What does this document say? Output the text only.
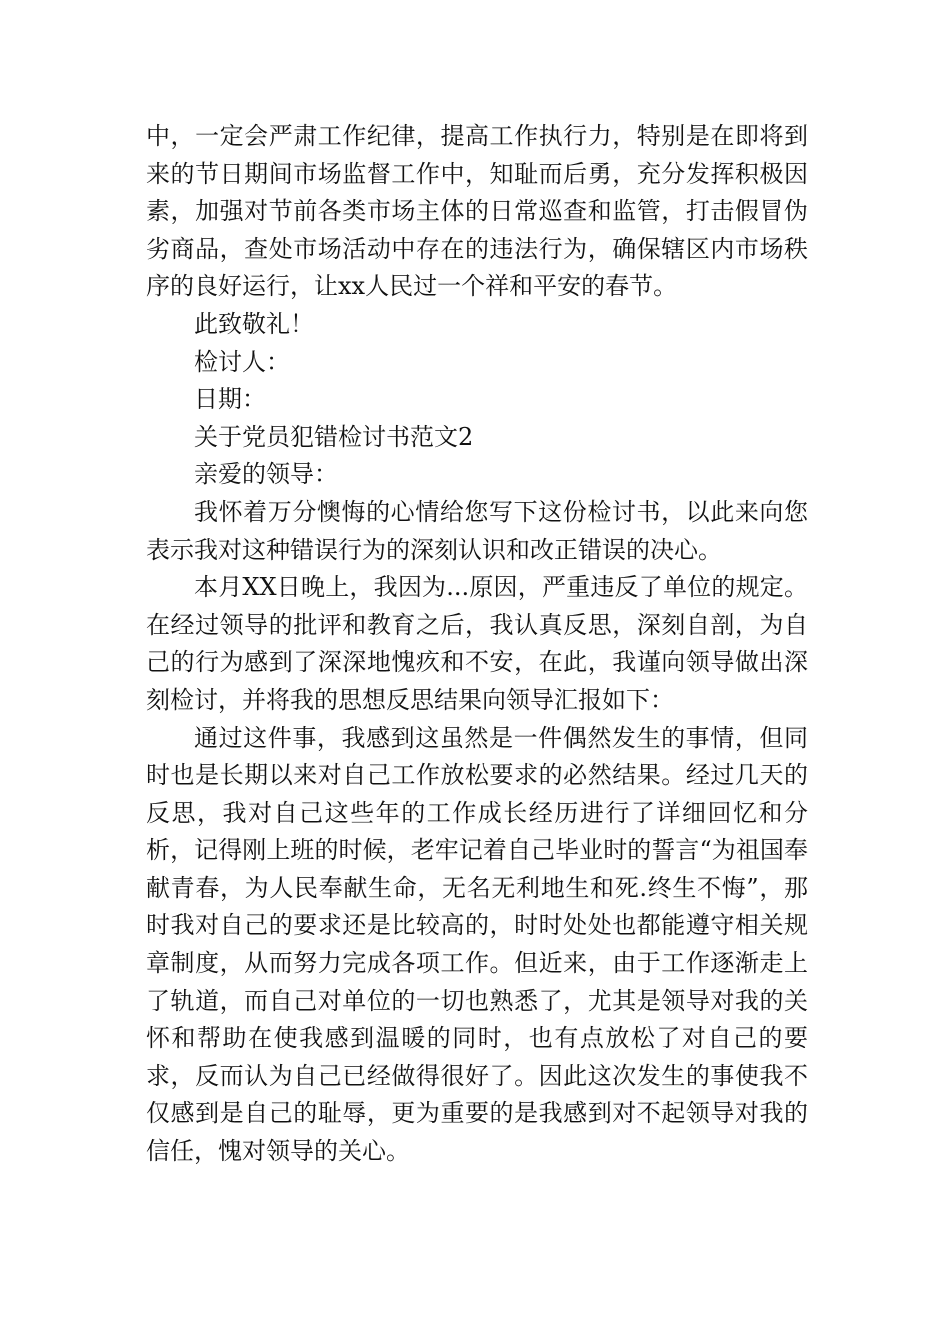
中，一定会严肃工作纪律，提高工作执行力，特别是在即将到来的节日期间市场监督工作中，知耻而后勇，充分发挥积极因素，加强对节前各类市场主体的日常巡查和监管，打击假冒伪劣商品，查处市场活动中存在的违法行为，确保辖区内市场秩序的良好运行，让xx人民过一个祥和平安的春节。

此致敬礼！

检讨人：

日期：

关于党员犯错检讨书范文2

亲爱的领导：

我怀着万分懊悔的心情给您写下这份检讨书，以此来向您表示我对这种错误行为的深刻认识和改正错误的决心。

本月XX日晚上，我因为...原因，严重违反了单位的规定。在经过领导的批评和教育之后，我认真反思，深刻自剖，为自己的行为感到了深深地愧疚和不安，在此，我谨向领导做出深刻检讨，并将我的思想反思结果向领导汇报如下：

通过这件事，我感到这虽然是一件偶然发生的事情，但同时也是长期以来对自己工作放松要求的必然结果。经过几天的反思，我对自己这些年的工作成长经历进行了详细回忆和分析，记得刚上班的时候，老牢记着自己毕业时的誓言“为祖国奉献青春，为人民奉献生命，无名无利地生和死.终生不悔”，那时我对自己的要求还是比较高的，时时处处也都能遵守相关规章制度，从而努力完成各项工作。但近来，由于工作逐渐走上了轨道，而自己对单位的一切也熟悉了，尤其是领导对我的关怀和帮助在使我感到温暖的同时，也有点放松了对自己的要求，反而认为自己已经做得很好了。因此这次发生的事使我不仅感到是自己的耻辱，更为重要的是我感到对不起领导对我的信任，愧对领导的关心。
